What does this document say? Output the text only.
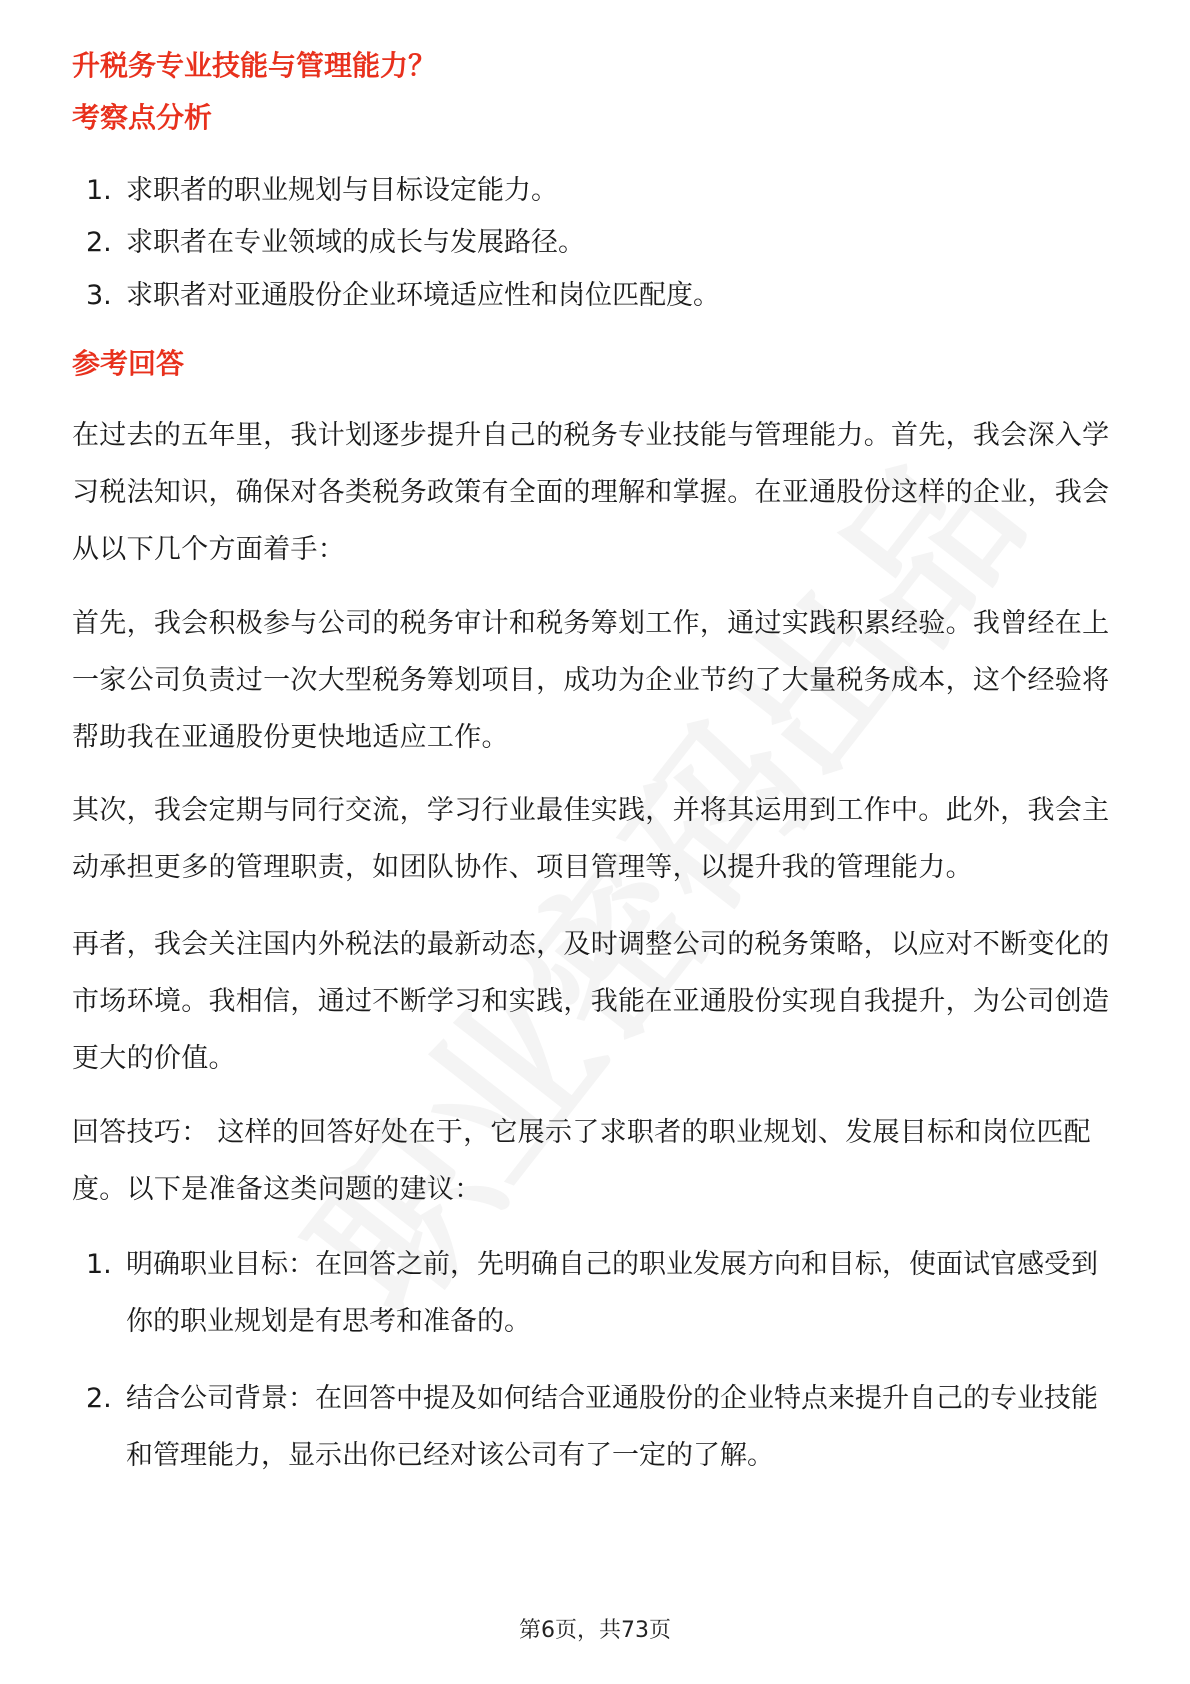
升税务专业技能与管理能力？
考察点分析
1. 求职者的职业规划与目标设定能力。
2. 求职者在专业领域的成长与发展路径。
3. 求职者对亚通股份企业环境适应性和岗位匹配度。
参考回答
在过去的五年里，我计划逐步提升自己的税务专业技能与管理能力。首先，我会深入学习税法知识，确保对各类税务政策有全面的理解和掌握。在亚通股份这样的企业，我会从以下几个方面着手：
首先，我会积极参与公司的税务审计和税务筹划工作，通过实践积累经验。我曾经在上一家公司负责过一次大型税务筹划项目，成功为企业节约了大量税务成本，这个经验将帮助我在亚通股份更快地适应工作。
其次，我会定期与同行交流，学习行业最佳实践，并将其运用到工作中。此外，我会主动承担更多的管理职责，如团队协作、项目管理等，以提升我的管理能力。
再者，我会关注国内外税法的最新动态，及时调整公司的税务策略，以应对不断变化的市场环境。我相信，通过不断学习和实践，我能在亚通股份实现自我提升，为公司创造更大的价值。
回答技巧： 这样的回答好处在于，它展示了求职者的职业规划、发展目标和岗位匹配度。以下是准备这类问题的建议：
1. 明确职业目标：在回答之前，先明确自己的职业发展方向和目标，使面试官感受到你的职业规划是有思考和准备的。
2. 结合公司背景：在回答中提及如何结合亚通股份的企业特点来提升自己的专业技能和管理能力，显示出你已经对该公司有了一定的了解。
第6页，共73页
